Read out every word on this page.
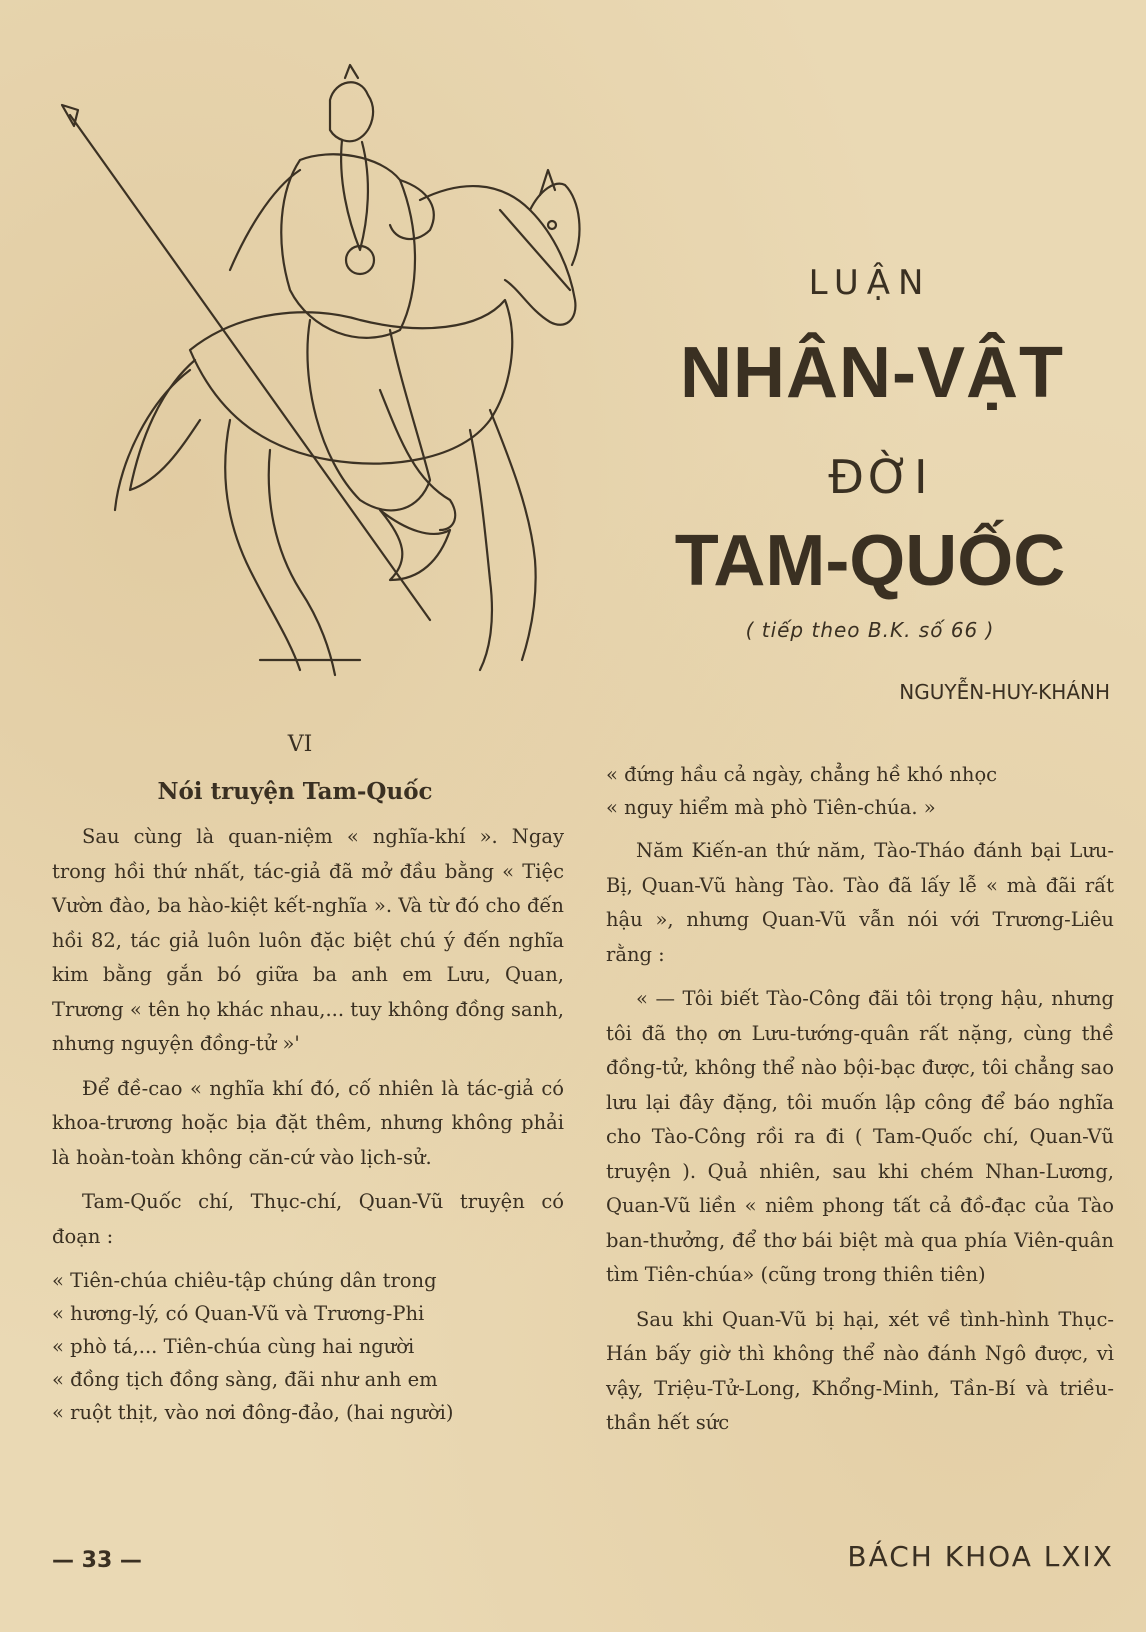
LUẬN
NHÂN-VẬT
ĐỜI
TAM-QUỐC
( tiếp theo B.K. số 66 )
NGUYỄN-HUY-KHÁNH
VI
Nói truyện Tam-Quốc

Sau cùng là quan-niệm « nghĩa-khí ». Ngay trong hồi thứ nhất, tác-giả đã mở đầu bằng « Tiệc Vườn đào, ba hào-kiệt kết-nghĩa ». Và từ đó cho đến hồi 82, tác giả luôn luôn đặc biệt chú ý đến nghĩa kim bằng gắn bó giữa ba anh em Lưu, Quan, Trương « tên họ khác nhau,... tuy không đồng sanh, nhưng nguyện đồng-tử »'

Để đề-cao « nghĩa khí đó, cố nhiên là tác-giả có khoa-trương hoặc bịa đặt thêm, nhưng không phải là hoàn-toàn không căn-cứ vào lịch-sử.

Tam-Quốc chí, Thục-chí, Quan-Vũ truyện có đoạn :

« Tiên-chúa chiêu-tập chúng dân trong
« hương-lý, có Quan-Vũ và Trương-Phi
« phò tá,... Tiên-chúa cùng hai người
« đồng tịch đồng sàng, đãi như anh em
« ruột thịt, vào nơi đông-đảo, (hai người)
« đứng hầu cả ngày, chẳng hề khó nhọc
« nguy hiểm mà phò Tiên-chúa. »

Năm Kiến-an thứ năm, Tào-Tháo đánh bại Lưu-Bị, Quan-Vũ hàng Tào. Tào đã lấy lễ « mà đãi rất hậu », nhưng Quan-Vũ vẫn nói với Trương-Liêu rằng :

« — Tôi biết Tào-Công đãi tôi trọng hậu, nhưng tôi đã thọ ơn Lưu-tướng-quân rất nặng, cùng thề đồng-tử, không thể nào bội-bạc được, tôi chẳng sao lưu lại đây đặng, tôi muốn lập công để báo nghĩa cho Tào-Công rồi ra đi ( Tam-Quốc chí, Quan-Vũ truyện ). Quả nhiên, sau khi chém Nhan-Lương, Quan-Vũ liền « niêm phong tất cả đồ-đạc của Tào ban-thưởng, để thơ bái biệt mà qua phía Viên-quân tìm Tiên-chúa» (cũng trong thiên tiên)

Sau khi Quan-Vũ bị hại, xét về tình-hình Thục-Hán bấy giờ thì không thể nào đánh Ngô được, vì vậy, Triệu-Tử-Long, Khổng-Minh, Tần-Bí và triều-thần hết sức

— 33 —	BÁCH KHOA LXIX
